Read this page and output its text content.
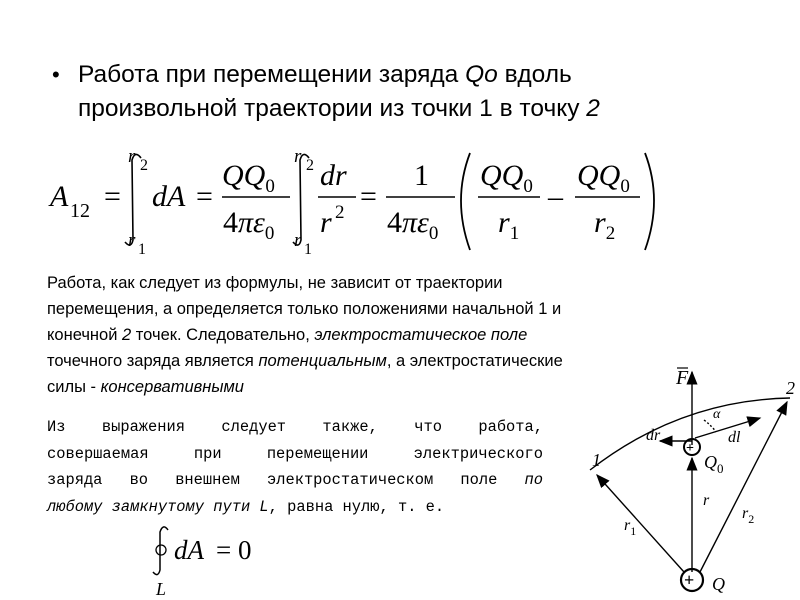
• Работа при перемещении заряда Qo вдоль
произвольной траектории из точки 1 в точку 2
A 12 =
r 2
r 1
dA =
$QQ_0$
$4\pi\varepsilon_0$
r 2
r 1
dr
r 2 =
1
$4\pi\varepsilon_0$
$QQ_0$
$r_1$
–
$QQ_0$
$r_2$
Работа, как следует из формулы, не зависит от траектории
перемещения, а определяется только положениями начальной 1 и
конечной 2 точек. Следовательно, электростатическое поле
точечного заряда является потенциальным, а электростатические
силы - консервативными
Из выражения следует также, что работа,
совершаемая при перемещении электрического
заряда во внешнем электростатическом поле по
любому замкнутому пути L, равна нулю, т. е.
dA = 0
L
F
dr
α
dl
1
2
$Q_0$
r
$r_1$
$r_2$
Q
+
+
